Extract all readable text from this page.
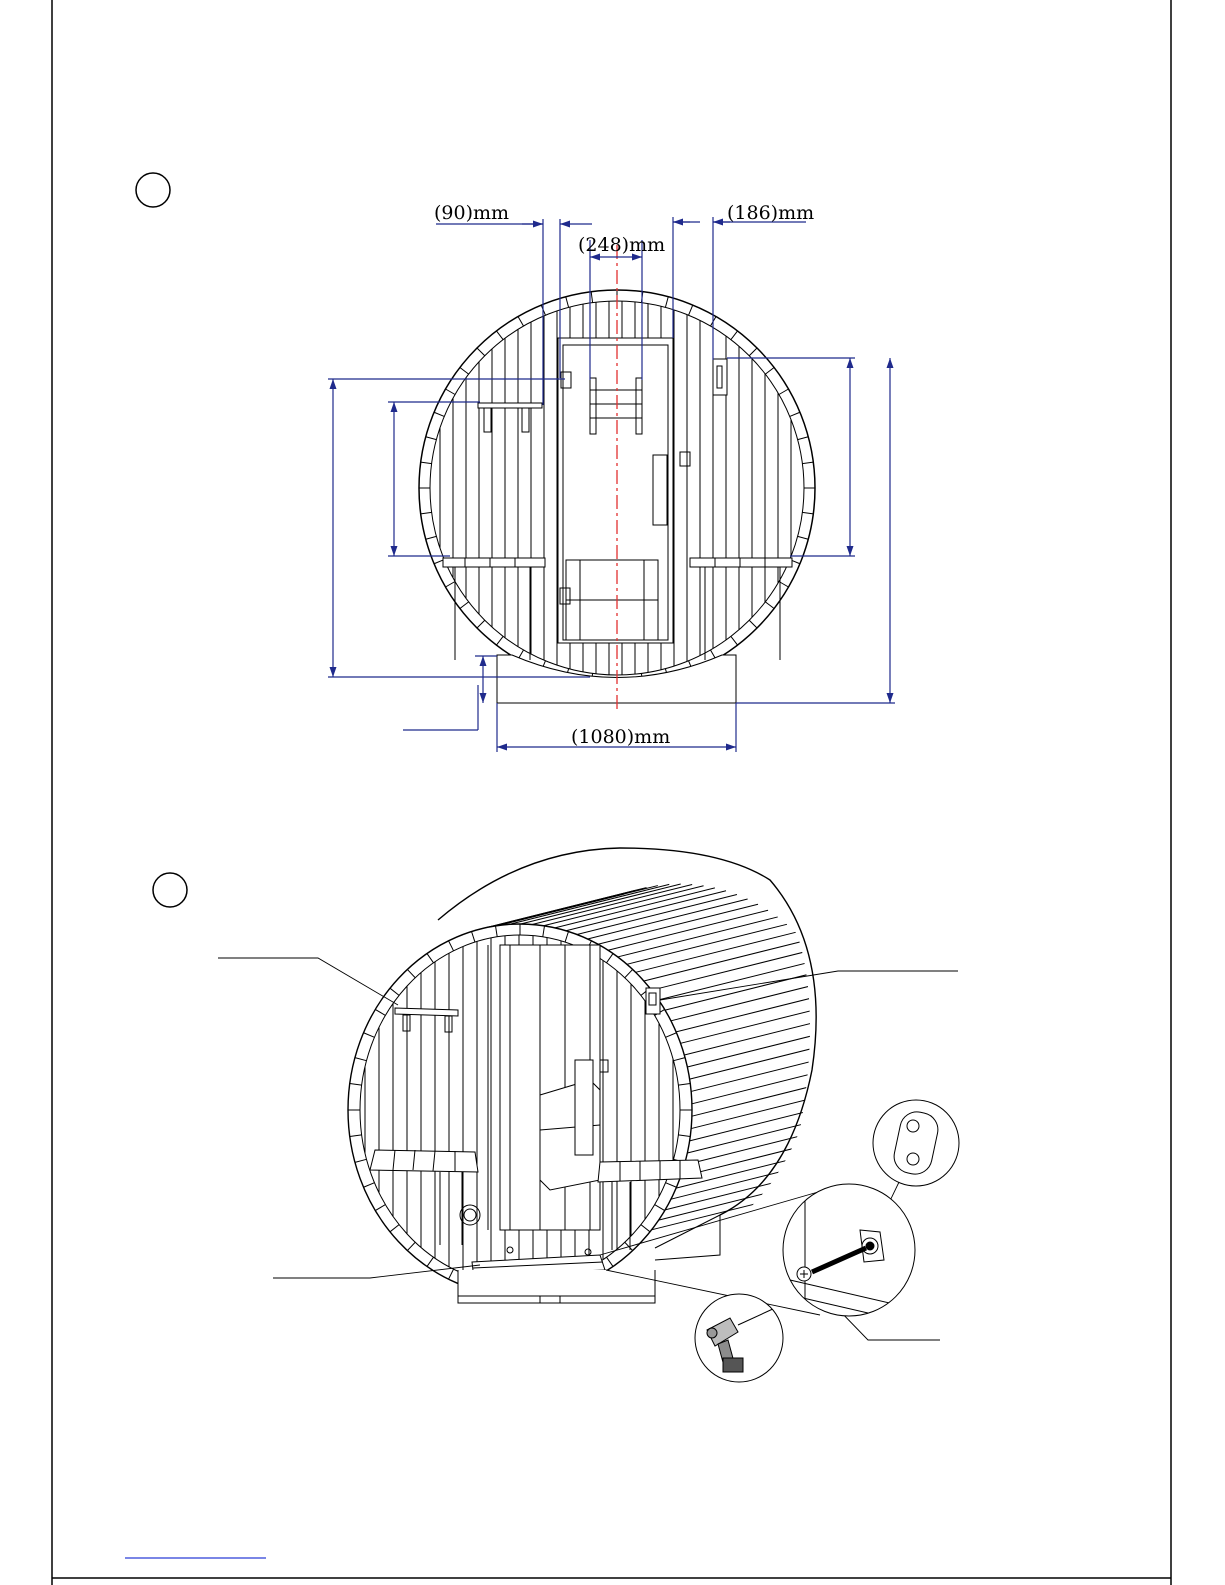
(90)mm
(248)mm
(186)mm
(1080)mm
